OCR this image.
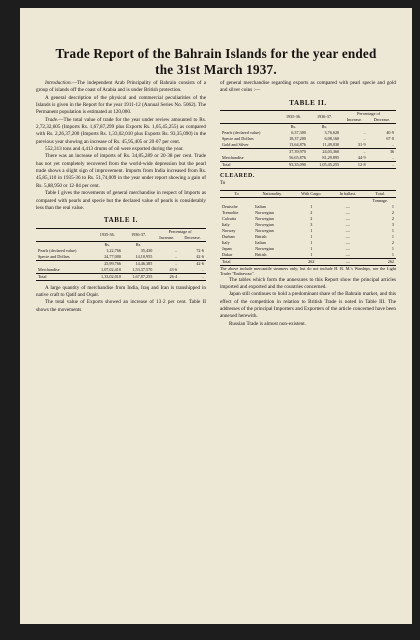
Trade Report of the Bahrain Islands for the year ended
the 31st March 1937.

Introduction.—The independent Arab Principality of Bahrain consists of a group of islands off the coast of Arabia and is under British protection.

A general description of the physical and commercial peculiarities of the Islands is given in the Report for the year 1911-12 (Annual Series No. 5062). The Permanent population is estimated at 120,000.

Trade.—The total value of trade for the year under review amounted to Rs. 2,72,32,605 (Imports Rs. 1,67,87,299 plus Exports Rs. 1,05,45,255) as compared with Rs. 2,26,37,200 (Imports Rs. 1,33,02,010 plus Exports Rs. 93,35,090) in the previous year showing an increase of Rs. 45,95,405 or 20·07 per cent.

552,313 tons and 4,413 drums of oil were exported during the year.

There was an increase of imports of Rs. 34,85,289 or 20·38 per cent. Trade has not yet completely recovered from the world-wide depression but the pearl trade shows a slight sign of improvement. Imports from India increased from Rs. 45,85,110 in 1935-36 to Rs. 51,74,009 in the year under report showing a gain of Rs. 5,88,950 or 12·84 per cent.

Table I gives the movements of general merchandise in respect of Imports as compared with pearls and specie but the declared value of pearls is considerably less than the real value.

TABLE I.
	1935-36.	1936-37.	Percentage of	
			Increase.	Decrease.
	Rs.	Rs.		
Pearls (declared value)	1,22,766	35,430	..	72·6
Specie and Dollars	24,77,000	14,10,955	..	42·6
	25,99,766	14,46,385	..	42·6
Merchandise	1,07,02,410	1,53,37,570	43·6	..
Total	1,33,02,010	1,67,87,255	26·4	..

A large quantity of merchandise from India, Iraq and Iran is transhipped in native craft to Qatif and Oqair.

The total value of Exports showed an increase of 13·2 per cent. Table II shows the movements

of general merchandise regarding exports as compared with pearl specie and gold and silver coins :—

TABLE II.
	1935-36.	1936-37.	Percentage of	
			Increase.	Decrease.
	Rs.	Rs.		
Pearls (declared value)	6,37,300	3,76,620	..	40·9
Specie and Dollars	18,37,200	6,08,160	..	67·0
Gold and Silver	13,64,876	11,49,030	31·9	..
	37,39,970	24,03,360	..	36
Merchandise	56,65,876	81,29,895	44·9	..
Total	93,35,090	1,05,45,255	12·8	..
CLEARED.
To
To	Nationality.	With Cargo.	In ballast.	Total.
				Tonnage.
Deutsche	Italian	1	—	1
Tremolite	Norwegian	2	—	2
Calcutta	Norwegian	2	—	2
Italy	Norwegian	3	—	3
Norway	Norwegian	1	—	1
Durban	British	1	—	1
Italy	Italian	1	—	2
Japan	Norwegian	1	—	1
Dakar	British	1	—	1
Total		262	—	262

The above include mercantile steamers only; but do not include H. B. M.'s Warships, nor the Light Trader "Endeavour".

The tables which form the annexures to this Report show the principal articles imported and exported and the countries concerned.

Japan still continues to hold a predominant share of the Bahrain market, and this effect of the competition in relation to British Trade is noted in Table III. The addresses of the principal Importers and Exporters of the article concerned have been annexed herewith.

Russian Trade is almost non-existent.
